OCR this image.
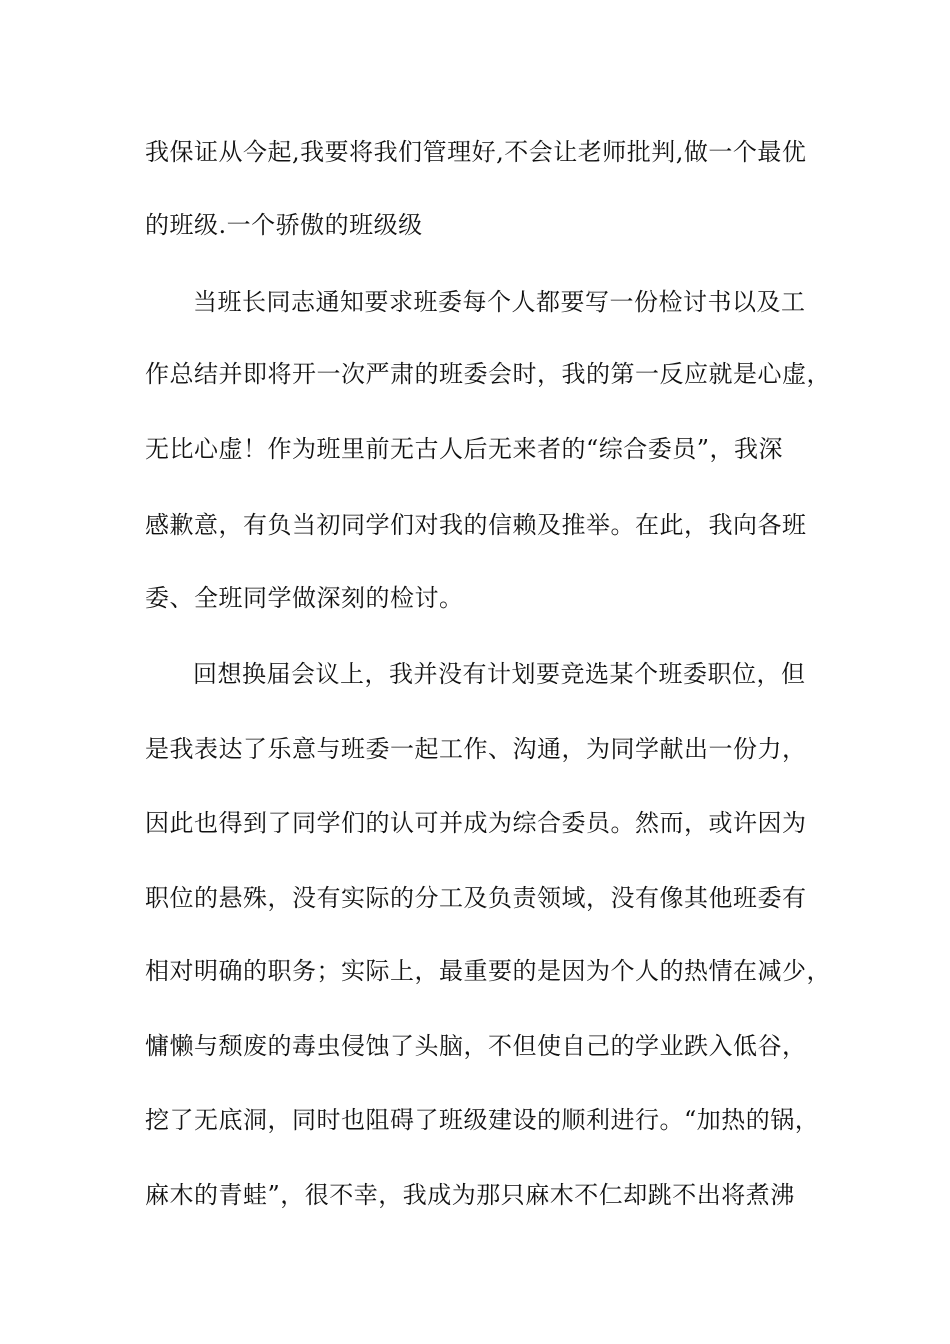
我保证从今起,我要将我们管理好,不会让老师批判,做一个最优
的班级.一个骄傲的班级级
当班长同志通知要求班委每个人都要写一份检讨书以及工
作总结并即将开一次严肃的班委会时，我的第一反应就是心虚，
无比心虚！作为班里前无古人后无来者的“综合委员”，我深
感歉意，有负当初同学们对我的信赖及推举。在此，我向各班
委、全班同学做深刻的检讨。
回想换届会议上，我并没有计划要竞选某个班委职位，但
是我表达了乐意与班委一起工作、沟通，为同学献出一份力，
因此也得到了同学们的认可并成为综合委员。然而，或许因为
职位的悬殊，没有实际的分工及负责领域，没有像其他班委有
相对明确的职务；实际上，最重要的是因为个人的热情在减少，
慵懒与颓废的毒虫侵蚀了头脑，不但使自己的学业跌入低谷，
挖了无底洞，同时也阻碍了班级建设的顺利进行。“加热的锅，
麻木的青蛙”，很不幸，我成为那只麻木不仁却跳不出将煮沸
